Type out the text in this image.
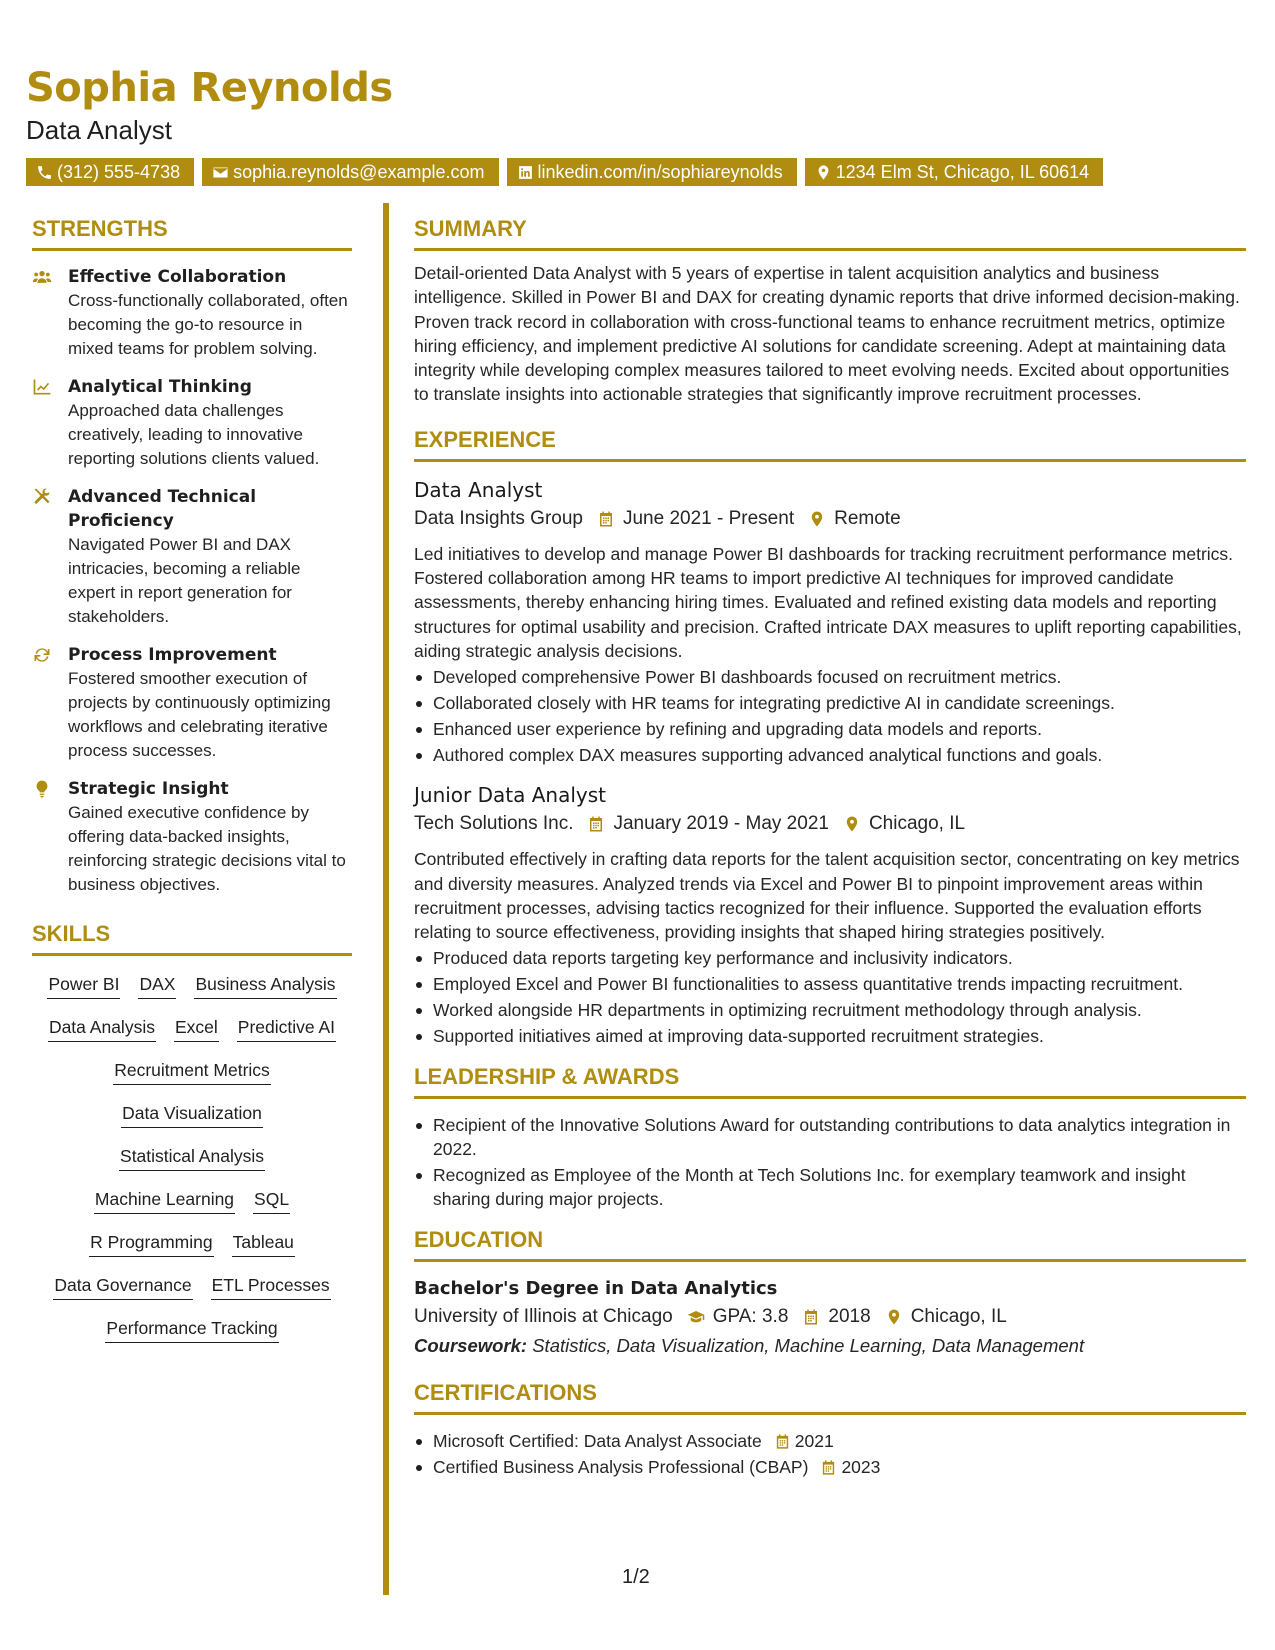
Sophia Reynolds
Data Analyst
(312) 555-4738	sophia.reynolds@example.com	linkedin.com/in/sophiareynolds	1234 Elm St, Chicago, IL 60614
STRENGTHS
Effective Collaboration
Cross-functionally collaborated, often becoming the go-to resource in mixed teams for problem solving.
Analytical Thinking
Approached data challenges creatively, leading to innovative reporting solutions clients valued.
Advanced Technical Proficiency
Navigated Power BI and DAX intricacies, becoming a reliable expert in report generation for stakeholders.
Process Improvement
Fostered smoother execution of projects by continuously optimizing workflows and celebrating iterative process successes.
Strategic Insight
Gained executive confidence by offering data-backed insights, reinforcing strategic decisions vital to business objectives.
SKILLS
Power BI DAX Business Analysis
Data Analysis Excel Predictive AI
Recruitment Metrics
Data Visualization
Statistical Analysis
Machine Learning SQL
R Programming Tableau
Data Governance ETL Processes
Performance Tracking
SUMMARY
Detail-oriented Data Analyst with 5 years of expertise in talent acquisition analytics and business intelligence. Skilled in Power BI and DAX for creating dynamic reports that drive informed decision-making. Proven track record in collaboration with cross-functional teams to enhance recruitment metrics, optimize hiring efficiency, and implement predictive AI solutions for candidate screening. Adept at maintaining data integrity while developing complex measures tailored to meet evolving needs. Excited about opportunities to translate insights into actionable strategies that significantly improve recruitment processes.
EXPERIENCE
Data Analyst
Data Insights Group June 2021 - Present Remote
Led initiatives to develop and manage Power BI dashboards for tracking recruitment performance metrics. Fostered collaboration among HR teams to import predictive AI techniques for improved candidate assessments, thereby enhancing hiring times. Evaluated and refined existing data models and reporting structures for optimal usability and precision. Crafted intricate DAX measures to uplift reporting capabilities, aiding strategic analysis decisions.
Developed comprehensive Power BI dashboards focused on recruitment metrics.
Collaborated closely with HR teams for integrating predictive AI in candidate screenings.
Enhanced user experience by refining and upgrading data models and reports.
Authored complex DAX measures supporting advanced analytical functions and goals.
Junior Data Analyst
Tech Solutions Inc. January 2019 - May 2021 Chicago, IL
Contributed effectively in crafting data reports for the talent acquisition sector, concentrating on key metrics and diversity measures. Analyzed trends via Excel and Power BI to pinpoint improvement areas within recruitment processes, advising tactics recognized for their influence. Supported the evaluation efforts relating to source effectiveness, providing insights that shaped hiring strategies positively.
Produced data reports targeting key performance and inclusivity indicators.
Employed Excel and Power BI functionalities to assess quantitative trends impacting recruitment.
Worked alongside HR departments in optimizing recruitment methodology through analysis.
Supported initiatives aimed at improving data-supported recruitment strategies.
LEADERSHIP & AWARDS
Recipient of the Innovative Solutions Award for outstanding contributions to data analytics integration in 2022.
Recognized as Employee of the Month at Tech Solutions Inc. for exemplary teamwork and insight sharing during major projects.
EDUCATION
Bachelor's Degree in Data Analytics
University of Illinois at Chicago GPA: 3.8 2018 Chicago, IL
Coursework: Statistics, Data Visualization, Machine Learning, Data Management
CERTIFICATIONS
Microsoft Certified: Data Analyst Associate 2021
Certified Business Analysis Professional (CBAP) 2023
1/2
